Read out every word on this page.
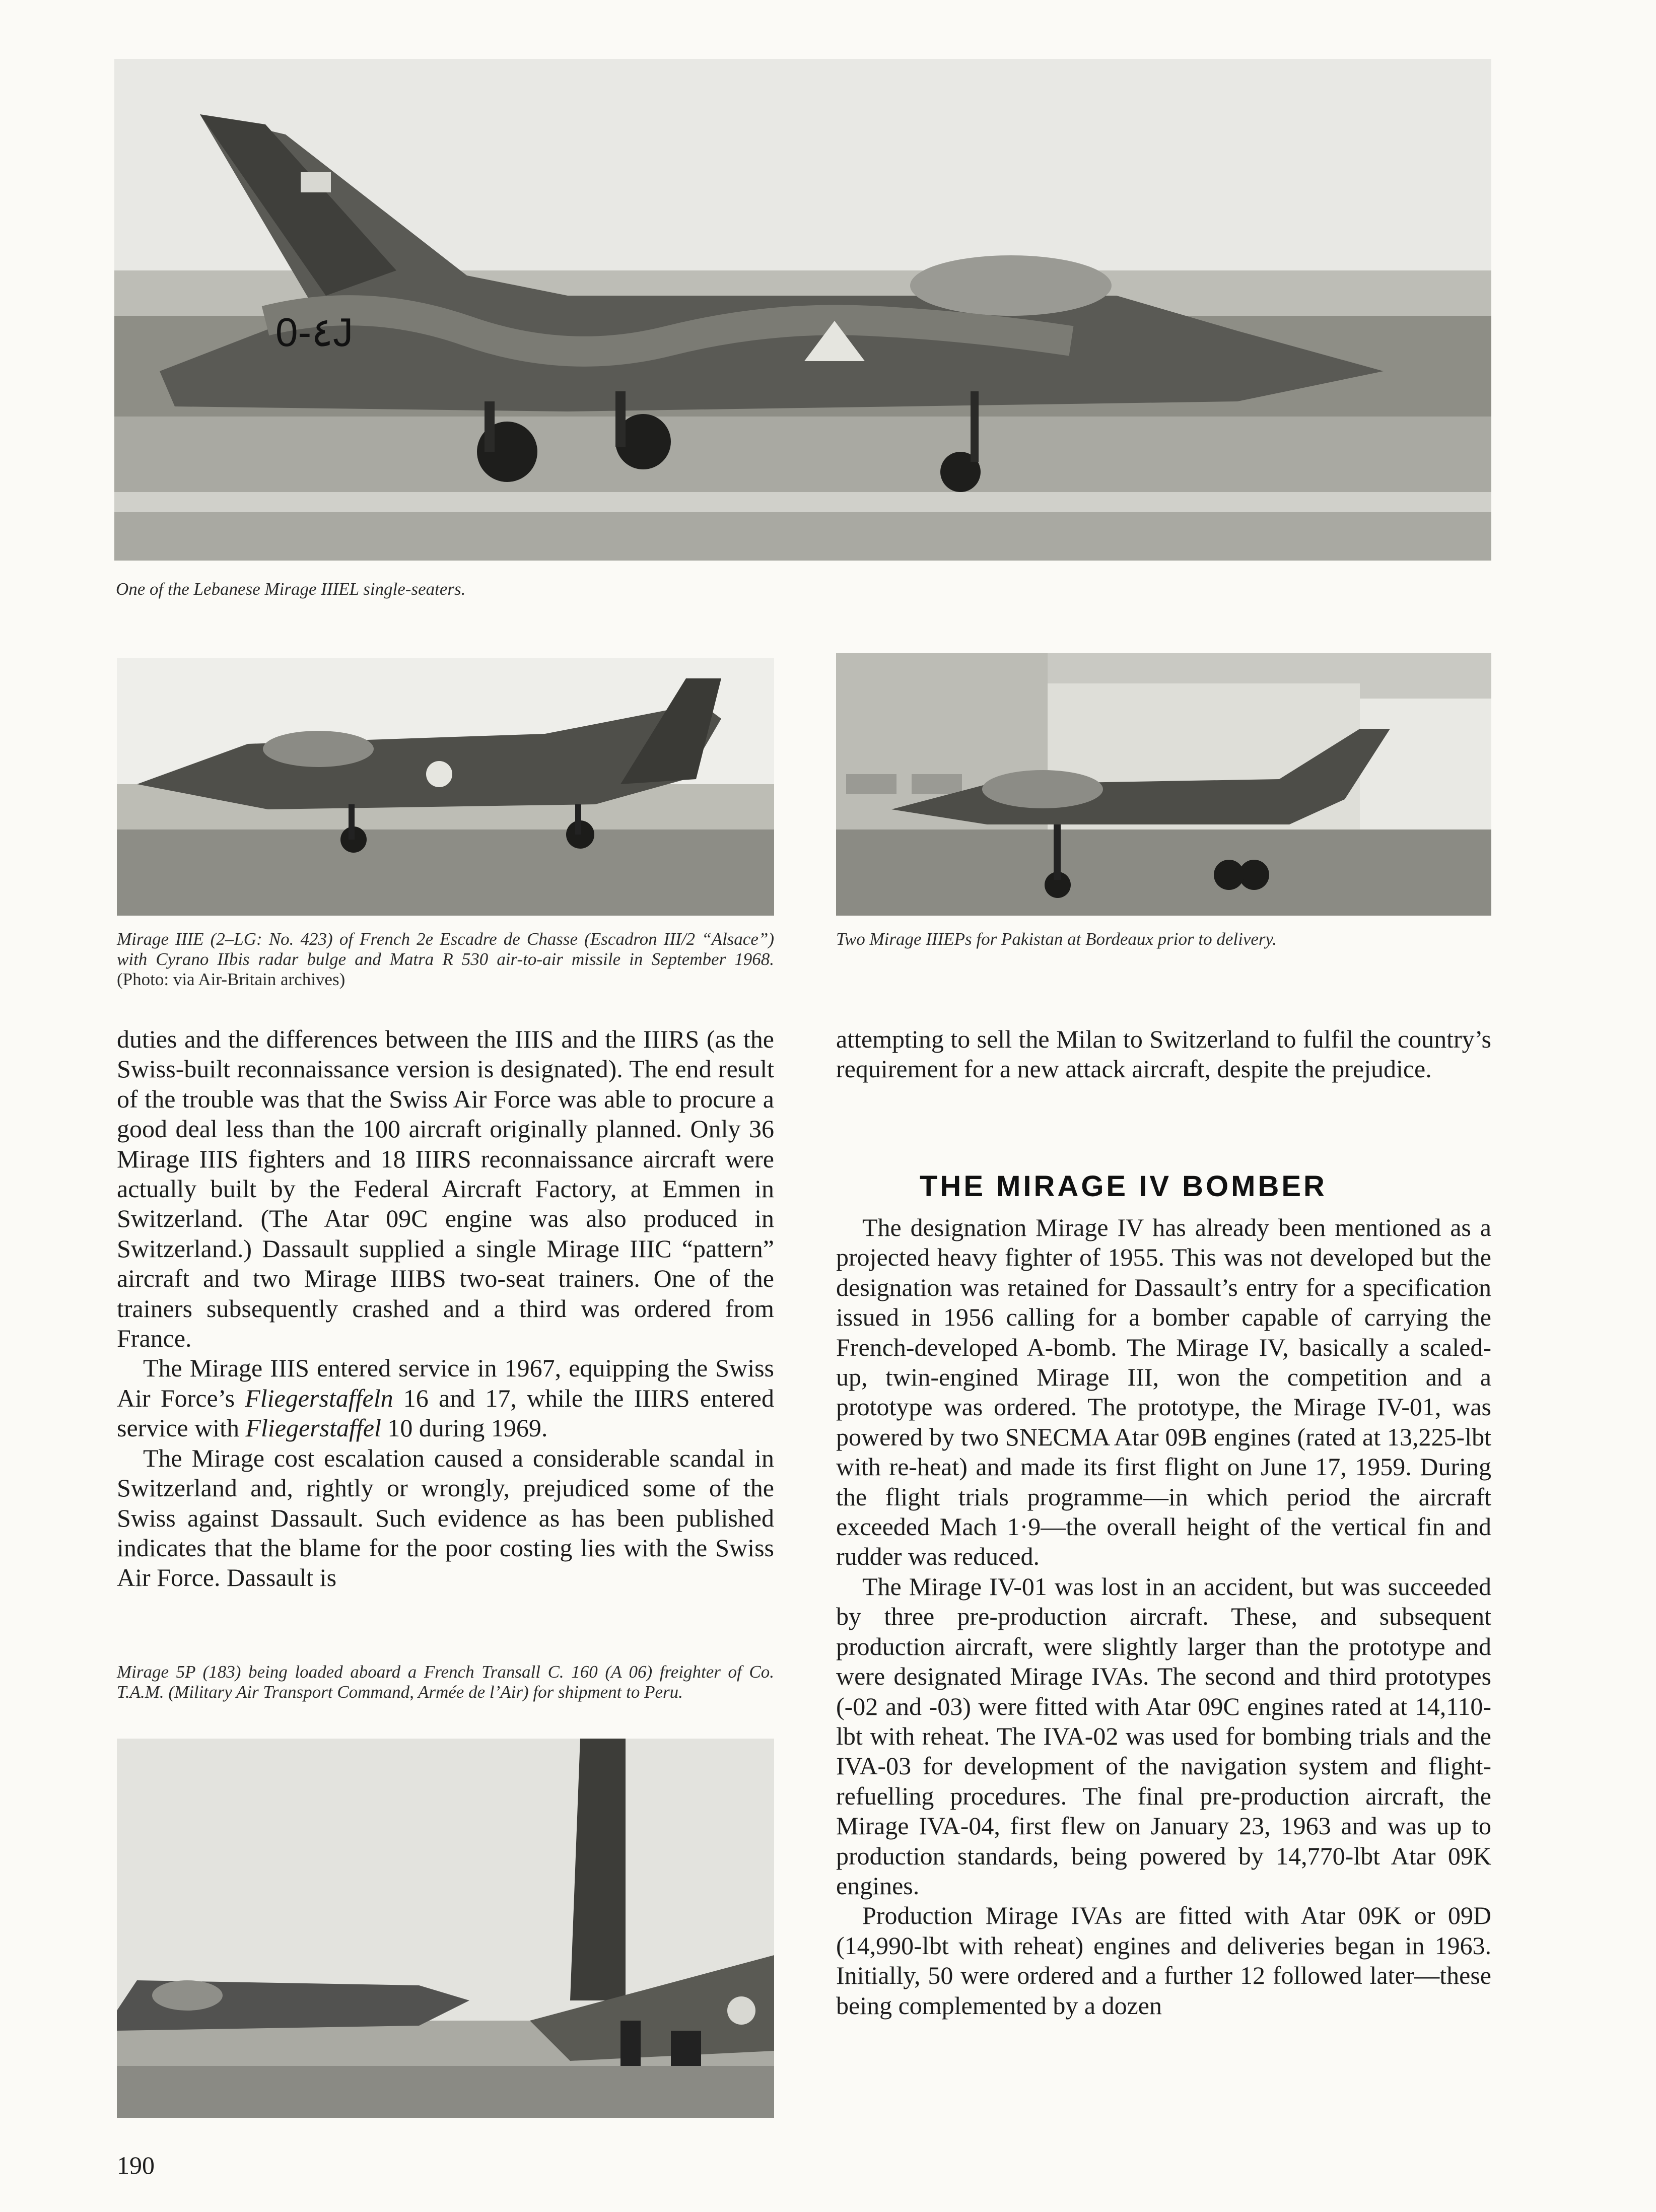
0-٤J
One of the Lebanese Mirage IIIEL single-seaters.
Mirage IIIE (2–LG: No. 423) of French 2e Escadre de Chasse (Escadron III/2 “Alsace”) with Cyrano IIbis radar bulge and Matra R 530 air-to-air missile in September 1968. (Photo: via Air-Britain archives)
Two Mirage IIIEPs for Pakistan at Bordeaux prior to delivery.

duties and the differences between the IIIS and the IIIRS (as the Swiss-built reconnaissance version is designated). The end result of the trouble was that the Swiss Air Force was able to procure a good deal less than the 100 aircraft originally planned. Only 36 Mirage IIIS fighters and 18 IIIRS reconnaissance aircraft were actually built by the Federal Aircraft Factory, at Emmen in Switzerland. (The Atar 09C engine was also produced in Switzerland.) Dassault supplied a single Mirage IIIC “pattern” aircraft and two Mirage IIIBS two-seat trainers. One of the trainers subsequently crashed and a third was ordered from France.

The Mirage IIIS entered service in 1967, equipping the Swiss Air Force’s Fliegerstaffeln 16 and 17, while the IIIRS entered service with Fliegerstaffel 10 during 1969.

The Mirage cost escalation caused a considerable scandal in Switzerland and, rightly or wrongly, prejudiced some of the Swiss against Dassault. Such evidence as has been published indicates that the blame for the poor costing lies with the Swiss Air Force. Dassault is

Mirage 5P (183) being loaded aboard a French Transall C. 160 (A 06) freighter of Co. T.A.M. (Military Air Transport Command, Armée de l’Air) for shipment to Peru.

attempting to sell the Milan to Switzerland to fulfil the country’s requirement for a new attack aircraft, despite the prejudice.

THE MIRAGE IV BOMBER

The designation Mirage IV has already been mentioned as a projected heavy fighter of 1955. This was not developed but the designation was retained for Dassault’s entry for a specification issued in 1956 calling for a bomber capable of carrying the French-developed A-bomb. The Mirage IV, basically a scaled-up, twin-engined Mirage III, won the competition and a prototype was ordered. The prototype, the Mirage IV-01, was powered by two SNECMA Atar 09B engines (rated at 13,225-lbt with re-heat) and made its first flight on June 17, 1959. During the flight trials programme—in which period the aircraft exceeded Mach 1·9—the overall height of the vertical fin and rudder was reduced.

The Mirage IV-01 was lost in an accident, but was succeeded by three pre-production aircraft. These, and subsequent production aircraft, were slightly larger than the prototype and were designated Mirage IVAs. The second and third prototypes (-02 and -03) were fitted with Atar 09C engines rated at 14,110-lbt with reheat. The IVA-02 was used for bombing trials and the IVA-03 for development of the navigation system and flight-refuelling procedures. The final pre-production aircraft, the Mirage IVA-04, first flew on January 23, 1963 and was up to production standards, being powered by 14,770-lbt Atar 09K engines.

Production Mirage IVAs are fitted with Atar 09K or 09D (14,990-lbt with reheat) engines and deliveries began in 1963. Initially, 50 were ordered and a further 12 followed later—these being complemented by a dozen

190
